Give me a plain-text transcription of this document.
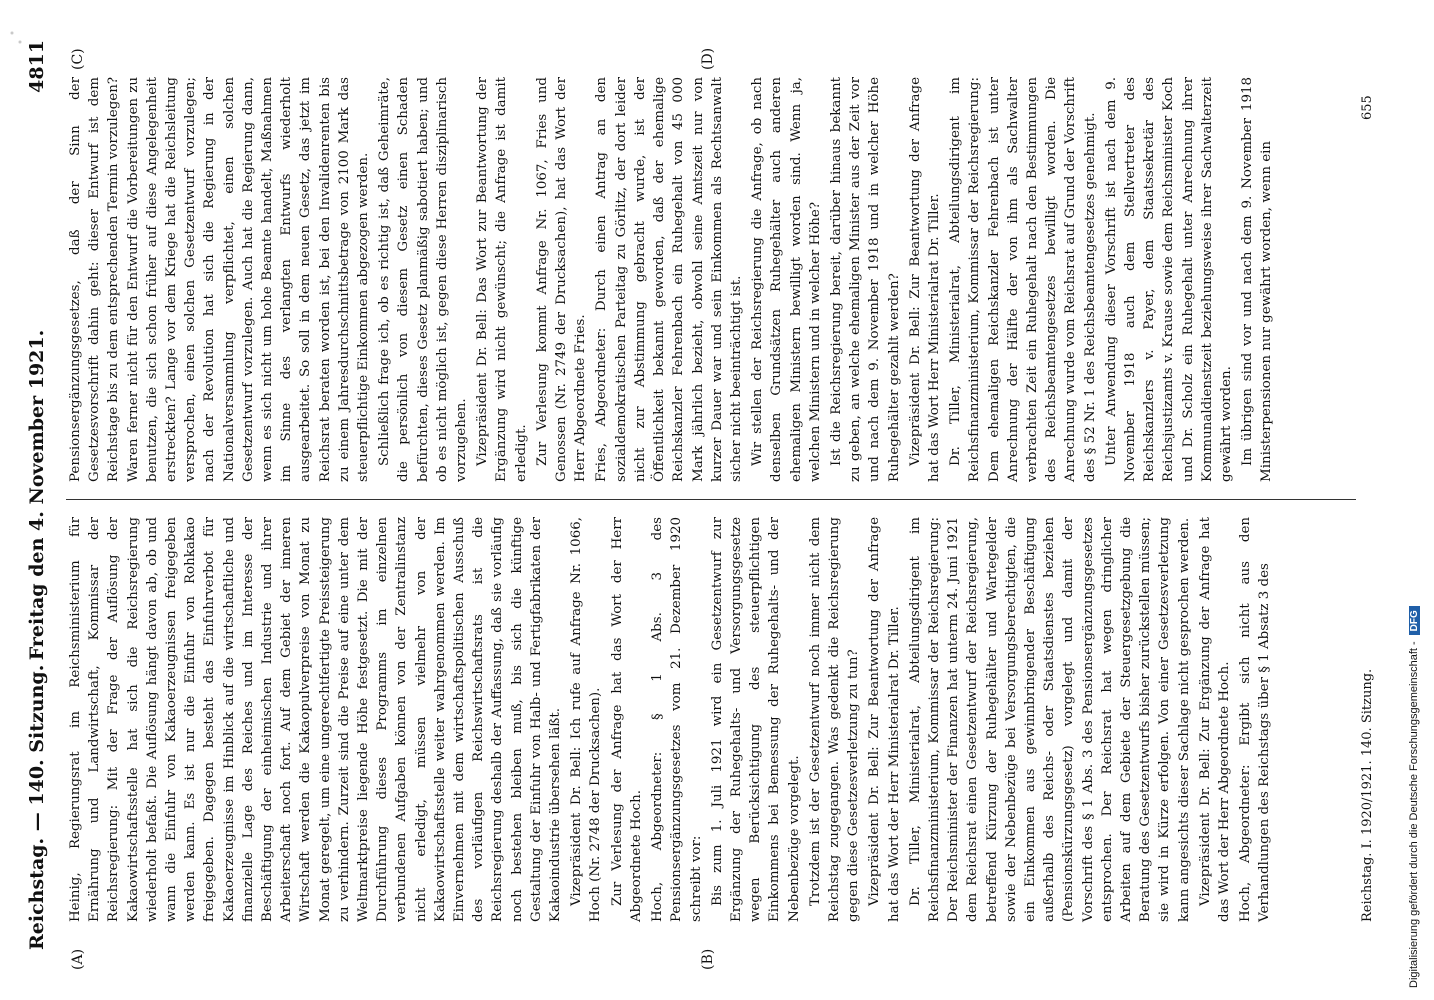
Reichstag. — 140. Sitzung.
Freitag den 4. November 1921.
4811
(A)	(B)
(C)	(D)

Heinig, Regierungsrat im Reichsministerium für Ernährung und Landwirtschaft, Kommissar der Reichsregierung: Mit der Frage der Auflösung der Kakaowirtschaftsstelle hat sich die Reichsregierung wiederholt befaßt. Die Auflösung hängt davon ab, ob und wann die Einfuhr von Kakaoerzeugnissen freigegeben werden kann. Es ist nur die Einfuhr von Rohkakao freigegeben. Dagegen besteht das Einfuhrverbot für Kakaoerzeugnisse im Hinblick auf die wirtschaftliche und finanzielle Lage des Reiches und im Interesse der Beschäftigung der einheimischen Industrie und ihrer Arbeiterschaft noch fort. Auf dem Gebiet der inneren Wirtschaft werden die Kakaopulverpreise von Monat zu Monat geregelt, um eine ungerechtfertigte Preissteigerung zu verhindern. Zurzeit sind die Preise auf eine unter dem Weltmarktpreise liegende Höhe festgesetzt. Die mit der Durchführung dieses Programms im einzelnen verbundenen Aufgaben können von der Zentralinstanz nicht erledigt, müssen vielmehr von der Kakaowirtschaftsstelle weiter wahrgenommen werden. Im Einvernehmen mit dem wirtschaftspolitischen Ausschuß des vorläufigen Reichswirtschaftsrats ist die Reichsregierung deshalb der Auffassung, daß sie vorläufig noch bestehen bleiben muß, bis sich die künftige Gestaltung der Einfuhr von Halb- und Fertigfabrikaten der Kakaoindustrie übersehen läßt. Vizepräsident Dr. Bell: Ich rufe auf Anfrage Nr. 1066, Hoch (Nr. 2748 der Drucksachen). Zur Verlesung der Anfrage hat das Wort der Herr Abgeordnete Hoch. Hoch, Abgeordneter: § 1 Abs. 3 des Pensionsergänzungsgesetzes vom 21. Dezember 1920 schreibt vor: Bis zum 1. Juli 1921 wird ein Gesetzentwurf zur Ergänzung der Ruhegehalts- und Versorgungsgesetze wegen Berücksichtigung des steuerpflichtigen Einkommens bei Bemessung der Ruhegehalts- und der Nebenbezüge vorgelegt. Trotzdem ist der Gesetzentwurf noch immer nicht dem Reichstag zugegangen. Was gedenkt die Reichsregierung gegen diese Gesetzesverletzung zu tun? Vizepräsident Dr. Bell: Zur Beantwortung der Anfrage hat das Wort der Herr Ministerialrat Dr. Tiller. Dr. Tiller, Ministerialrat, Abteilungsdirigent im Reichsfinanzministerium, Kommissar der Reichsregierung: Der Reichsminister der Finanzen hat unterm 24. Juni 1921 dem Reichsrat einen Gesetzentwurf der Reichsregierung, betreffend Kürzung der Ruhegehälter und Wartegelder sowie der Nebenbezüge bei Versorgungsberechtigten, die ein Einkommen aus gewinnbringender Beschäftigung außerhalb des Reichs- oder Staatsdienstes beziehen (Pensionskürzungsgesetz) vorgelegt und damit der Vorschrift des § 1 Abs. 3 des Pensionsergänzungsgesetzes entsprochen. Der Reichsrat hat wegen dringlicher Arbeiten auf dem Gebiete der Steuergesetzgebung die Beratung des Gesetzentwurfs bisher zurückstellen müssen; sie wird in Kürze erfolgen. Von einer Gesetzesverletzung kann angesichts dieser Sachlage nicht gesprochen werden. Vizepräsident Dr. Bell: Zur Ergänzung der Anfrage hat das Wort der Herr Abgeordnete Hoch. Hoch, Abgeordneter: Ergibt sich nicht aus den Verhandlungen des Reichstags über § 1 Absatz 3 des

Pensionsergänzungsgesetzes, daß der Sinn der Gesetzesvorschrift dahin geht: dieser Entwurf ist dem Reichstage bis zu dem entsprechenden Termin vorzulegen? Waren ferner nicht für den Entwurf die Vorbereitungen zu benutzen, die sich schon früher auf diese Angelegenheit erstreckten? Lange vor dem Kriege hat die Reichsleitung versprochen, einen solchen Gesetzentwurf vorzulegen; nach der Revolution hat sich die Regierung in der Nationalversammlung verpflichtet, einen solchen Gesetzentwurf vorzulegen. Auch hat die Regierung dann, wenn es sich nicht um hohe Beamte handelt, Maßnahmen im Sinne des verlangten Entwurfs wiederholt ausgearbeitet. So soll in dem neuen Gesetz, das jetzt im Reichsrat beraten worden ist, bei den Invalidenrenten bis zu einem Jahresdurchschnittsbetrage von 2100 Mark das steuerpflichtige Einkommen abgezogen werden. Schließlich frage ich, ob es richtig ist, daß Geheimräte, die persönlich von diesem Gesetz einen Schaden befürchten, dieses Gesetz planmäßig sabotiert haben; und ob es nicht möglich ist, gegen diese Herren disziplinarisch vorzugehen. Vizepräsident Dr. Bell: Das Wort zur Beantwortung der Ergänzung wird nicht gewünscht; die Anfrage ist damit erledigt. Zur Verlesung kommt Anfrage Nr. 1067, Fries und Genossen (Nr. 2749 der Drucksachen), hat das Wort der Herr Abgeordnete Fries. Fries, Abgeordneter: Durch einen Antrag an den sozialdemokratischen Parteitag zu Görlitz, der dort leider nicht zur Abstimmung gebracht wurde, ist der Öffentlichkeit bekannt geworden, daß der ehemalige Reichskanzler Fehrenbach ein Ruhegehalt von 45 000 Mark jährlich bezieht, obwohl seine Amtszeit nur von kurzer Dauer war und sein Einkommen als Rechtsanwalt sicher nicht beeinträchtigt ist. Wir stellen der Reichsregierung die Anfrage, ob nach denselben Grundsätzen Ruhegehälter auch anderen ehemaligen Ministern bewilligt worden sind. Wenn ja, welchen Ministern und in welcher Höhe? Ist die Reichsregierung bereit, darüber hinaus bekannt zu geben, an welche ehemaligen Minister aus der Zeit vor und nach dem 9. November 1918 und in welcher Höhe Ruhegehälter gezahlt werden? Vizepräsident Dr. Bell: Zur Beantwortung der Anfrage hat das Wort Herr Ministerialrat Dr. Tiller. Dr. Tiller, Ministerialrat, Abteilungsdirigent im Reichsfinanzministerium, Kommissar der Reichsregierung: Dem ehemaligen Reichskanzler Fehrenbach ist unter Anrechnung der Hälfte der von ihm als Sachwalter verbrachten Zeit ein Ruhegehalt nach den Bestimmungen des Reichsbeamtengesetzes bewilligt worden. Die Anrechnung wurde vom Reichsrat auf Grund der Vorschrift des § 52 Nr. 1 des Reichsbeamtengesetzes genehmigt. Unter Anwendung dieser Vorschrift ist nach dem 9. November 1918 auch dem Stellvertreter des Reichskanzlers v. Payer, dem Staatssekretär des Reichsjustizamts v. Krause sowie dem Reichsminister Koch und Dr. Scholz ein Ruhegehalt unter Anrechnung ihrer Kommunaldienstzeit beziehungsweise ihrer Sachwalterzeit gewährt worden. Im übrigen sind vor und nach dem 9. November 1918 Ministerpensionen nur gewährt worden, wenn ein

Reichstag. I. 1920/1921. 140. Sitzung.
655
Digitalisierung gefördert durch die Deutsche Forschungsgemeinschaft -DFG
